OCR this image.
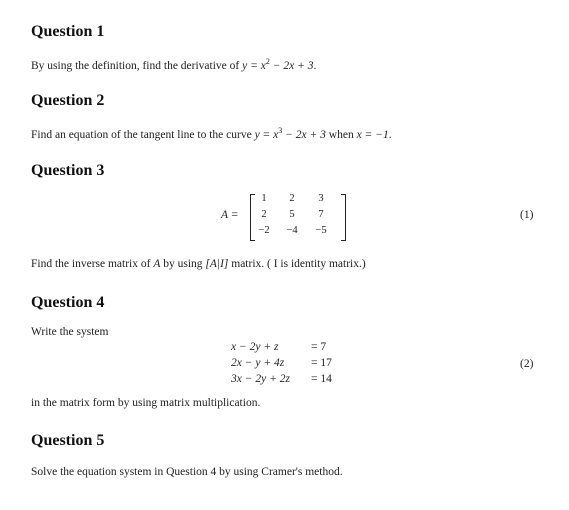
Question 1

By using the definition, find the derivative of $y = x^2 - 2x + 3$.

Question 2

Find an equation of the tangent line to the curve $y = x^3 - 2x + 3$ when x = −1.

Question 3
A =
1	2	3
2	5	7
−2	−4	−5
(1)

Find the inverse matrix of A by using [A|I] matrix. ( I is identity matrix.)

Question 4

Write the system

x − 2y + z	= 7
2x − y + 4z	= 17
3x − 2y + 2z	= 14
(2)

in the matrix form by using matrix multiplication.

Question 5

Solve the equation system in Question 4 by using Cramer's method.
